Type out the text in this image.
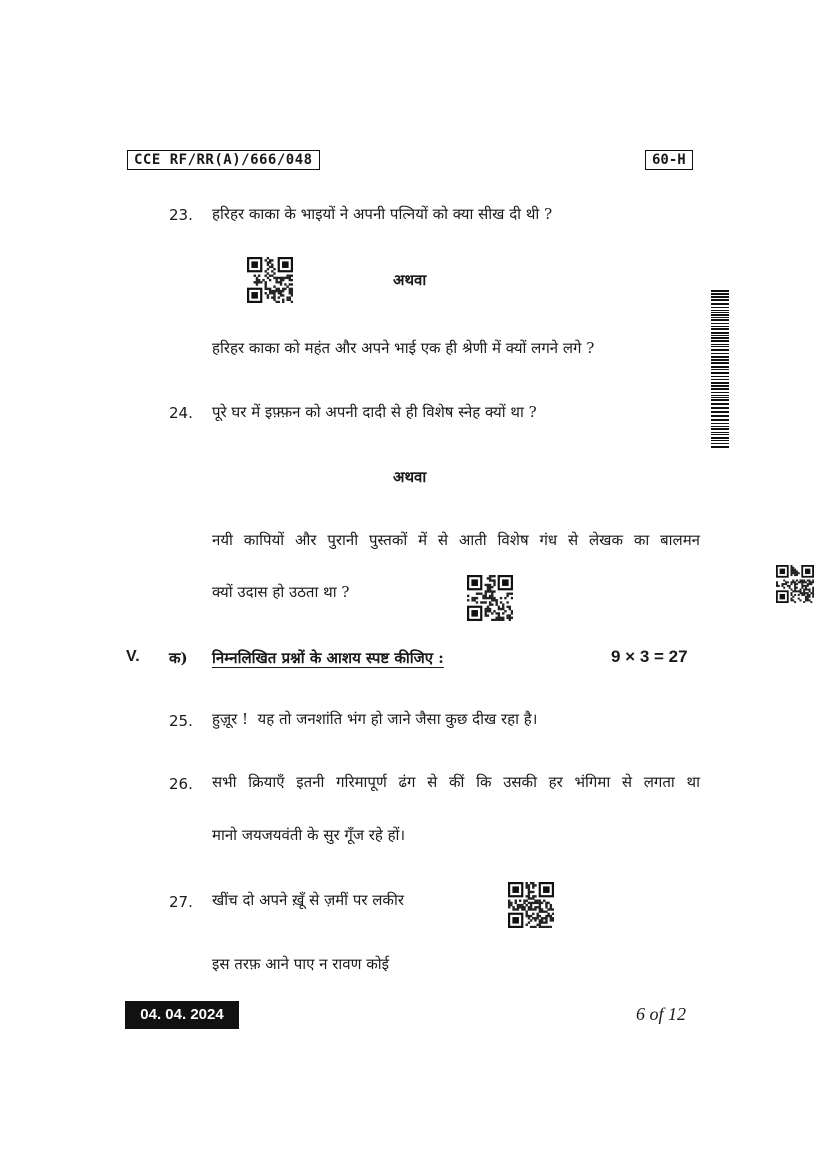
CCE RF/RR(A)/666/048	60-H
23. हरिहर काका के भाइयों ने अपनी पत्नियों को क्या सीख दी थी ?
अथवा
हरिहर काका को महंत और अपने भाई एक ही श्रेणी में क्यों लगने लगे ?
24. पूरे घर में इफ़्फ़न को अपनी दादी से ही विशेष स्नेह क्यों था ?
अथवा
नयी कापियों और पुरानी पुस्तकों में से आती विशेष गंध से लेखक का बालमन
क्यों उदास हो उठता था ?
V. क) निम्नलिखित प्रश्नों के आशय स्पष्ट कीजिए :	9 × 3 = 27
25. हुज़ूर !  यह तो जनशांति भंग हो जाने जैसा कुछ दीख रहा है।
26. सभी क्रियाएँ इतनी गरिमापूर्ण ढंग से कीं कि उसकी हर भंगिमा से लगता था
मानो जयजयवंती के सुर गूँज रहे हों।
27. खींच दो अपने ख़ूँ से ज़मीं पर लकीर
इस तरफ़ आने पाए न रावण कोई
04. 04. 2024	6 of 12
